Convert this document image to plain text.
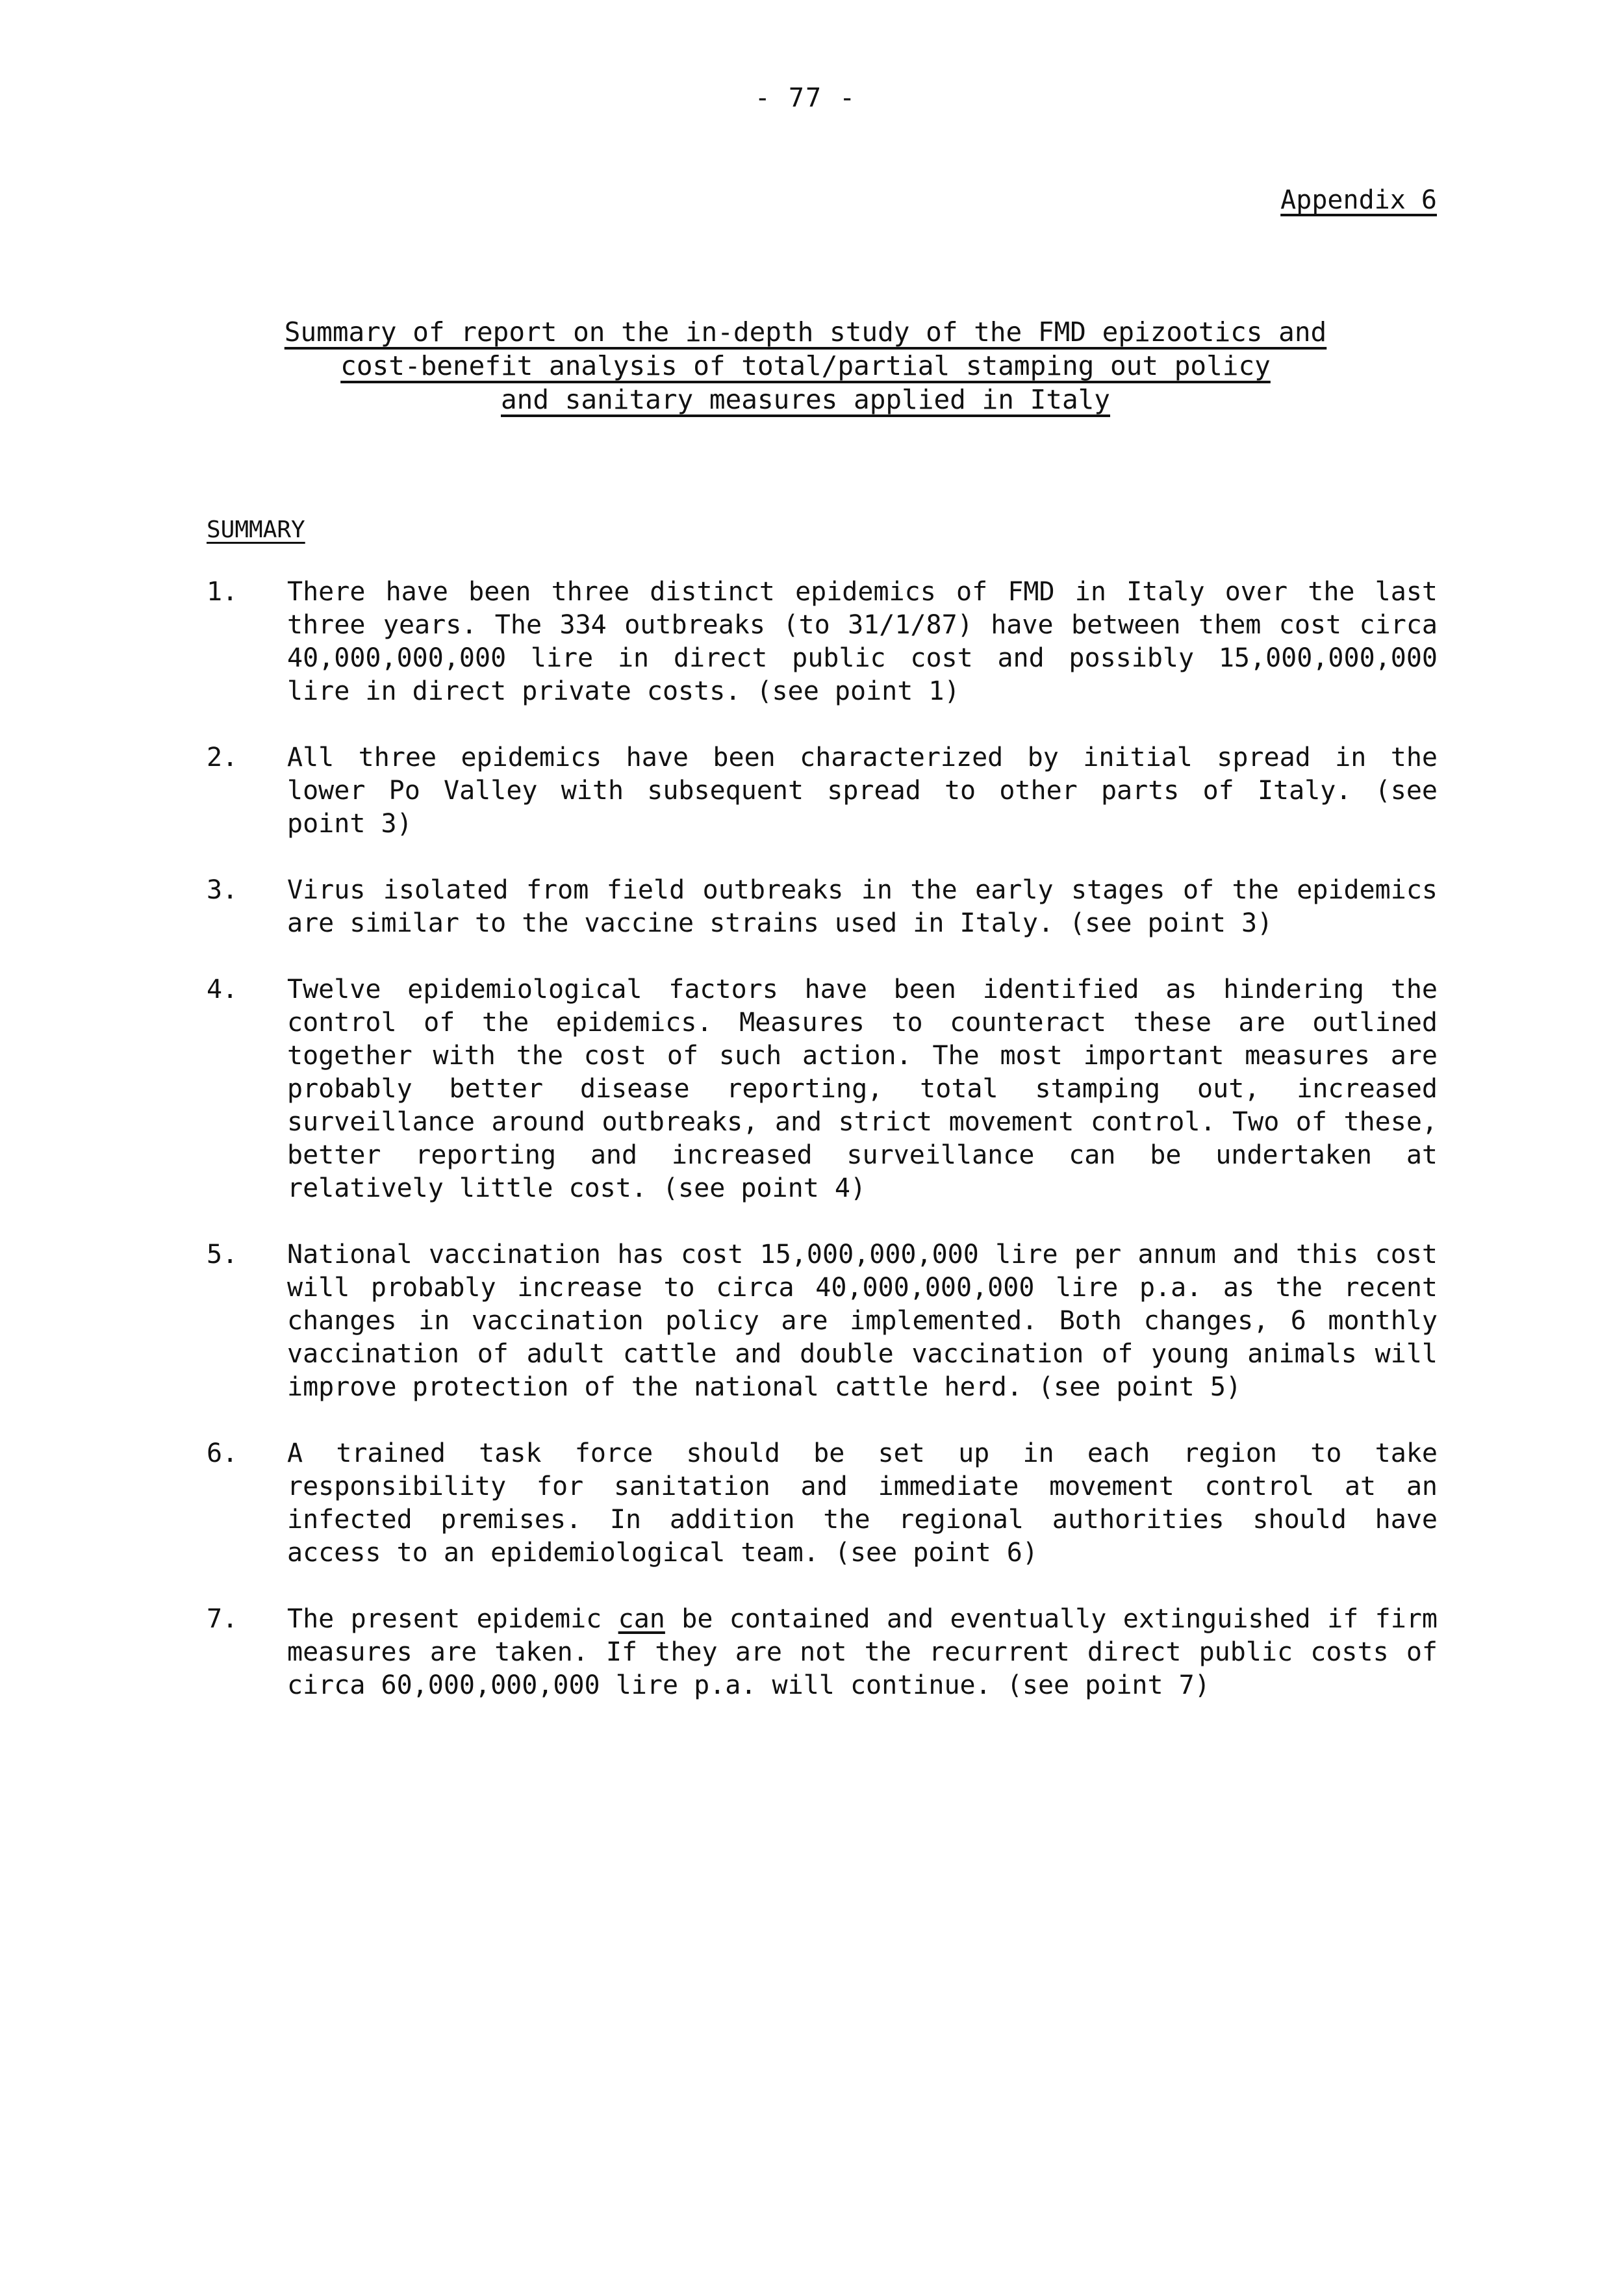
- 77 -
Appendix 6
Summary of report on the in-depth study of the FMD epizootics and
cost-benefit analysis of total/partial stamping out policy
and sanitary measures applied in Italy
SUMMARY
1. There have been three distinct epidemics of FMD in Italy over the last three years. The 334 outbreaks (to 31/1/87) have between them cost circa 40,000,000,000 lire in direct public cost and possibly 15,000,000,000 lire in direct private costs. (see point 1)
2. All three epidemics have been characterized by initial spread in the lower Po Valley with subsequent spread to other parts of Italy. (see point 3)
3. Virus isolated from field outbreaks in the early stages of the epidemics are similar to the vaccine strains used in Italy. (see point 3)
4. Twelve epidemiological factors have been identified as hindering the control of the epidemics. Measures to counteract these are outlined together with the cost of such action. The most important measures are probably better disease reporting, total stamping out, increased surveillance around outbreaks, and strict movement control. Two of these, better reporting and increased surveillance can be undertaken at relatively little cost. (see point 4)
5. National vaccination has cost 15,000,000,000 lire per annum and this cost will probably increase to circa 40,000,000,000 lire p.a. as the recent changes in vaccination policy are implemented. Both changes, 6 monthly vaccination of adult cattle and double vaccination of young animals will improve protection of the national cattle herd. (see point 5)
6. A trained task force should be set up in each region to take responsibility for sanitation and immediate movement control at an infected premises. In addition the regional authorities should have access to an epidemiological team. (see point 6)
7. The present epidemic can be contained and eventually extinguished if firm measures are taken. If they are not the recurrent direct public costs of circa 60,000,000,000 lire p.a. will continue. (see point 7)
